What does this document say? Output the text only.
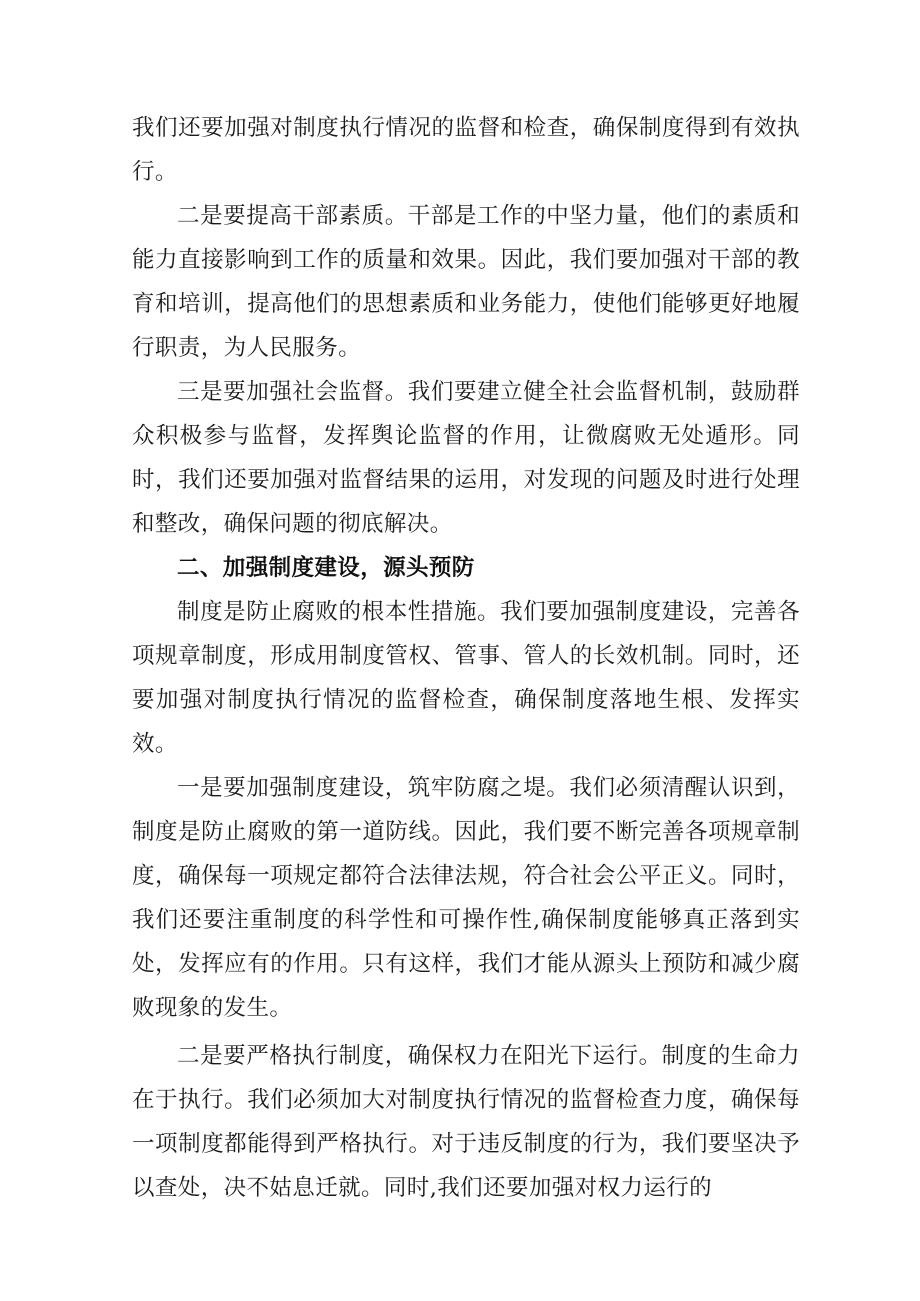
我们还要加强对制度执行情况的监督和检查，确保制度得到有效执行。

二是要提高干部素质。干部是工作的中坚力量，他们的素质和能力直接影响到工作的质量和效果。因此，我们要加强对干部的教育和培训，提高他们的思想素质和业务能力，使他们能够更好地履行职责，为人民服务。

三是要加强社会监督。我们要建立健全社会监督机制，鼓励群众积极参与监督，发挥舆论监督的作用，让微腐败无处遁形。同时，我们还要加强对监督结果的运用，对发现的问题及时进行处理和整改，确保问题的彻底解决。

二、加强制度建设，源头预防

制度是防止腐败的根本性措施。我们要加强制度建设，完善各项规章制度，形成用制度管权、管事、管人的长效机制。同时，还要加强对制度执行情况的监督检查，确保制度落地生根、发挥实效。

一是要加强制度建设，筑牢防腐之堤。我们必须清醒认识到，制度是防止腐败的第一道防线。因此，我们要不断完善各项规章制度，确保每一项规定都符合法律法规，符合社会公平正义。同时，我们还要注重制度的科学性和可操作性,确保制度能够真正落到实处，发挥应有的作用。只有这样，我们才能从源头上预防和减少腐败现象的发生。

二是要严格执行制度，确保权力在阳光下运行。制度的生命力在于执行。我们必须加大对制度执行情况的监督检查力度，确保每一项制度都能得到严格执行。对于违反制度的行为，我们要坚决予以查处，决不姑息迁就。同时,我们还要加强对权力运行的
